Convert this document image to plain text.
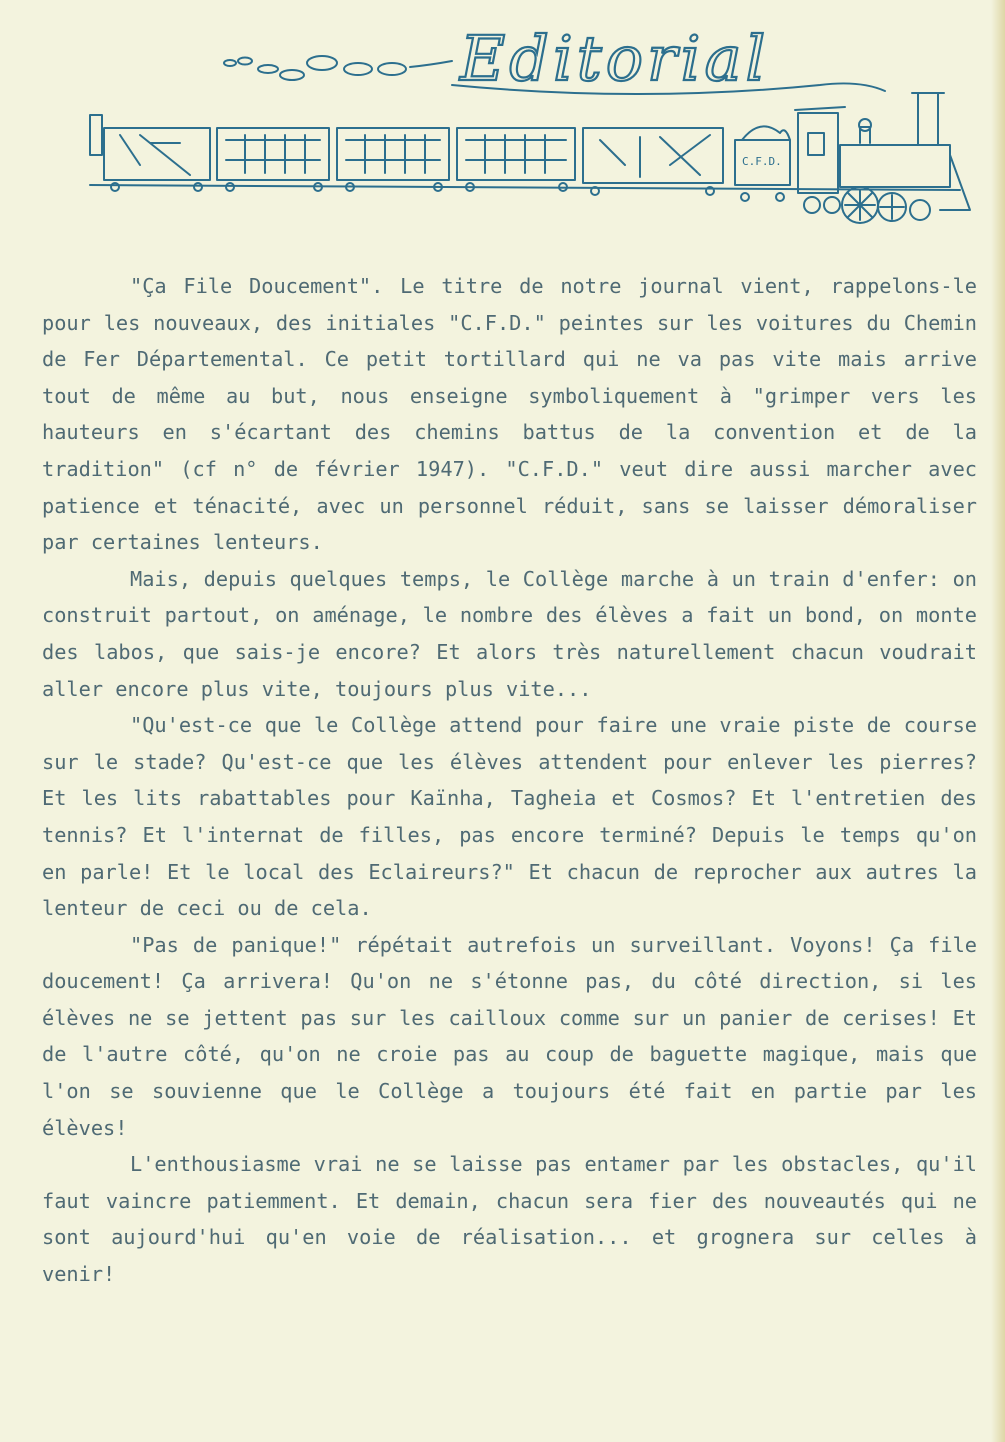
Editorial
C.F.D.

"Ça File Doucement". Le titre de notre journal vient, rappelons-le pour les nouveaux, des initiales "C.F.D." peintes sur les voitures du Chemin de Fer Départemental. Ce petit tortillard qui ne va pas vite mais arrive tout de même au but, nous enseigne symboliquement à "grimper vers les hauteurs en s'écartant des chemins battus de la convention et de la tradition" (cf n° de février 1947). "C.F.D." veut dire aussi marcher avec patience et ténacité, avec un personnel réduit, sans se laisser démoraliser par certaines lenteurs.

Mais, depuis quelques temps, le Collège marche à un train d'enfer: on construit partout, on aménage, le nombre des élèves a fait un bond, on monte des labos, que sais-je encore? Et alors très naturellement chacun voudrait aller encore plus vite, toujours plus vite...

"Qu'est-ce que le Collège attend pour faire une vraie piste de course sur le stade? Qu'est-ce que les élèves attendent pour enlever les pierres? Et les lits rabattables pour Kaïnha, Tagheia et Cosmos? Et l'entretien des tennis? Et l'internat de filles, pas encore terminé? Depuis le temps qu'on en parle! Et le local des Eclaireurs?" Et chacun de reprocher aux autres la lenteur de ceci ou de cela.

"Pas de panique!" répétait autrefois un surveillant. Voyons! Ça file doucement! Ça arrivera! Qu'on ne s'étonne pas, du côté direction, si les élèves ne se jettent pas sur les cailloux comme sur un panier de cerises! Et de l'autre côté, qu'on ne croie pas au coup de baguette magique, mais que l'on se souvienne que le Collège a toujours été fait en partie par les élèves!

L'enthousiasme vrai ne se laisse pas entamer par les obstacles, qu'il faut vaincre patiemment. Et demain, chacun sera fier des nouveautés qui ne sont aujourd'hui qu'en voie de réalisation... et grognera sur celles à venir!
